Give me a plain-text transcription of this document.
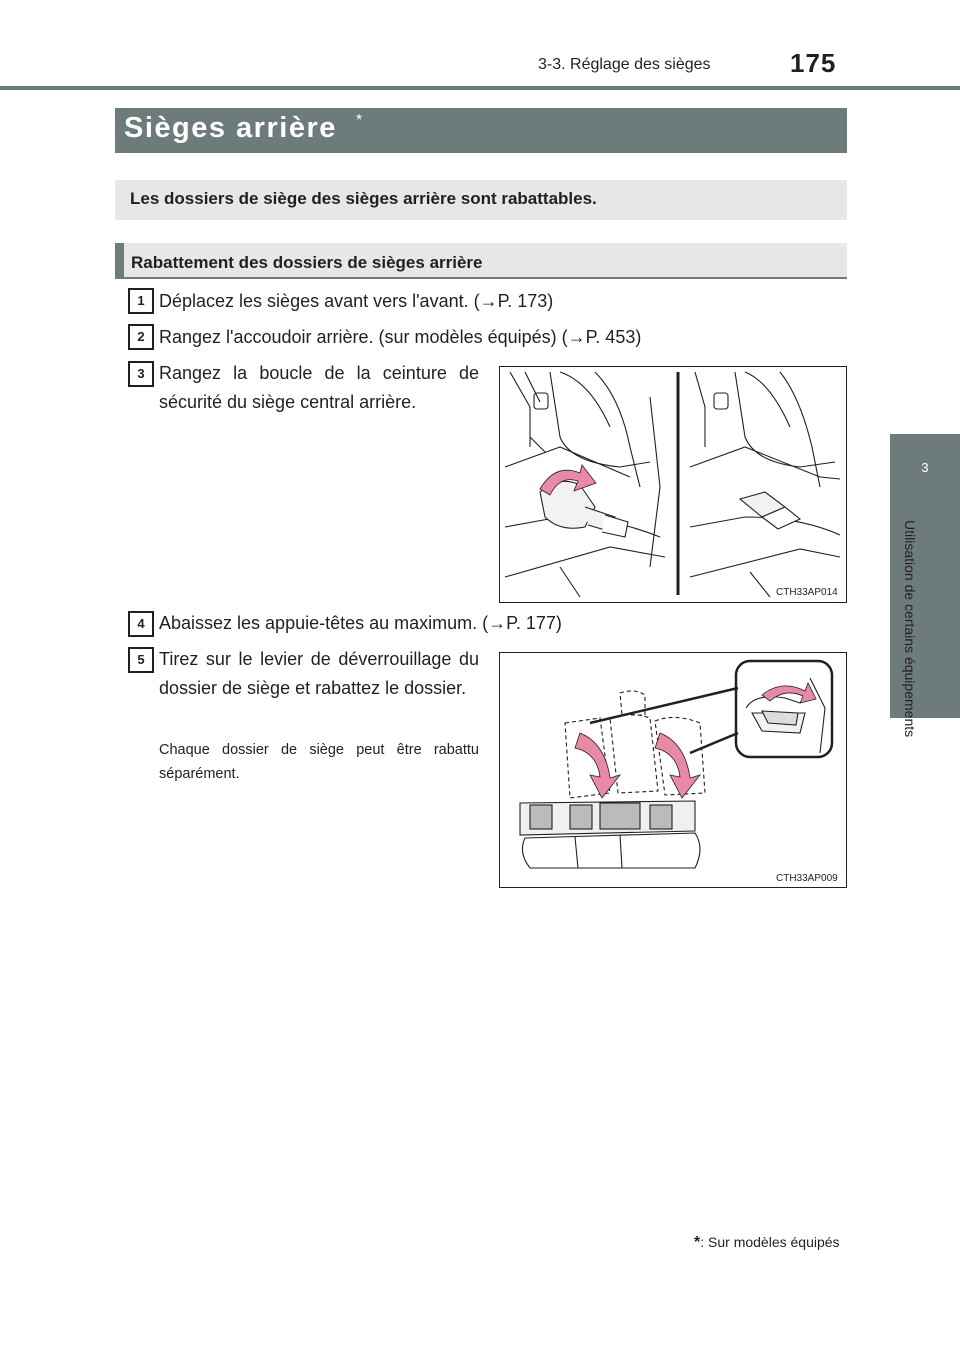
3-3. Réglage des sièges	175
3
Utilisation de certains équipements
Sièges arrière *
Les dossiers de siège des sièges arrière sont rabattables.
Rabattement des dossiers de sièges arrière
1 Déplacez les sièges avant vers l'avant. (→P. 173)
2 Rangez l'accoudoir arrière. (sur modèles équipés) (→P. 453)
3 Rangez la boucle de la ceinture de sécurité du siège central arrière.
CTH33AP014
4 Abaissez les appuie-têtes au maximum. (→P. 177)
5 Tirez sur le levier de déverrouillage du dossier de siège et rabattez le dossier.
Chaque dossier de siège peut être rabattu séparément.
CTH33AP009
*: Sur modèles équipés
